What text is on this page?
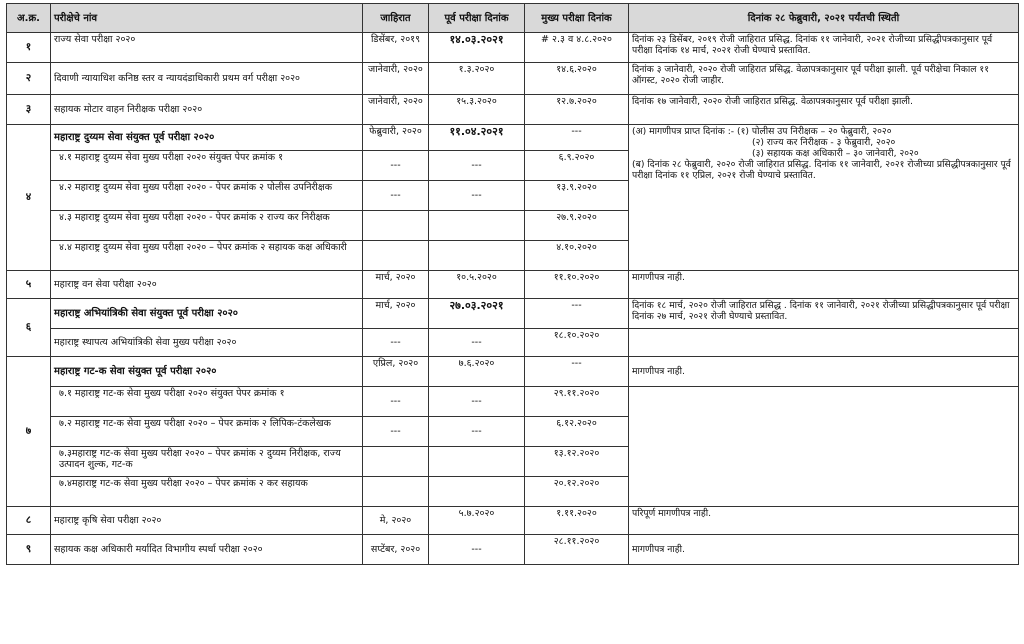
अ.क्र.	परीक्षेचे नांव	जाहिरात	पूर्व परीक्षा दिनांक	मुख्य परीक्षा दिनांक	दिनांक २८ फेब्रुवारी, २०२१ पर्यंतची स्थिती
१	राज्य सेवा परीक्षा २०२०	डिसेंबर, २०१९	१४.०३.२०२१	# २.३ व ४.८.२०२०	दिनांक २३ डिसेंबर, २०१९ रोजी जाहिरात प्रसिद्ध. दिनांक ११ जानेवारी, २०२१ रोजीच्या प्रसिद्धीपत्रकानुसार पूर्व परीक्षा दिनांक १४ मार्च, २०२१ रोजी घेण्याचे प्रस्तावित.
२	दिवाणी न्यायाधिश कनिष्ठ स्तर व न्यायदंडाधिकारी प्रथम वर्ग परीक्षा २०२०	जानेवारी, २०२०	१.३.२०२०	१४.६.२०२०	दिनांक ३ जानेवारी, २०२० रोजी जाहिरात प्रसिद्ध. वेळापत्रकानुसार पूर्व परीक्षा झाली. पूर्व परीक्षेचा निकाल ११ ऑगस्ट, २०२० रोजी जाहीर.
३	सहायक मोटार वाहन निरीक्षक परीक्षा २०२०	जानेवारी, २०२०	१५.३.२०२०	१२.७.२०२०	दिनांक १७ जानेवारी, २०२० रोजी जाहिरात प्रसिद्ध. वेळापत्रकानुसार पूर्व परीक्षा झाली.
४	महाराष्ट्र दुय्यम सेवा संयुक्त पूर्व परीक्षा २०२०	फेब्रुवारी, २०२०	११.०४.२०२१	---	(अ) मागणीपत्र प्राप्त दिनांक :- (१) पोलीस उप निरीक्षक – २० फेब्रुवारी, २०२०

(२) राज्य कर निरीक्षक - ३ फेब्रुवारी, २०२०
(३) सहायक कक्ष अधिकारी – ३० जानेवारी, २०२०
(ब) दिनांक २८ फेब्रुवारी, २०२० रोजी जाहिरात प्रसिद्ध. दिनांक ११ जानेवारी, २०२१ रोजीच्या प्रसिद्धीपत्रकानुसार पूर्व परीक्षा दिनांक ११ एप्रिल, २०२१ रोजी घेण्याचे प्रस्तावित.
	४.१ महाराष्ट्र दुय्यम सेवा मुख्य परीक्षा २०२० संयुक्त पेपर क्रमांक १	---	---	६.९.२०२०	
	४.२ महाराष्ट्र दुय्यम सेवा मुख्य परीक्षा २०२० - पेपर क्रमांक २ पोलीस उपनिरीक्षक	---	---	१३.९.२०२०	
	४.३ महाराष्ट्र दुय्यम सेवा मुख्य परीक्षा २०२० - पेपर क्रमांक २ राज्य कर निरीक्षक			२७.९.२०२०	
	४.४ महाराष्ट्र दुय्यम सेवा मुख्य परीक्षा २०२० – पेपर क्रमांक २ सहायक कक्ष अधिकारी			४.१०.२०२०	
५	महाराष्ट्र वन सेवा परीक्षा २०२०	मार्च, २०२०	१०.५.२०२०	११.१०.२०२०	मागणीपत्र नाही.
६	महाराष्ट्र अभियांत्रिकी सेवा संयुक्त पूर्व परीक्षा २०२०	मार्च, २०२०	२७.०३.२०२१	---	दिनांक १८ मार्च, २०२० रोजी जाहिरात प्रसिद्ध . दिनांक ११ जानेवारी, २०२१ रोजीच्या प्रसिद्धीपत्रकानुसार पूर्व परीक्षा दिनांक २७ मार्च, २०२१ रोजी घेण्याचे प्रस्तावित.
	महाराष्ट्र स्थापत्य अभियांत्रिकी सेवा मुख्य परीक्षा २०२०	---	---	१८.१०.२०२०	
७	महाराष्ट्र गट-क सेवा संयुक्त पूर्व परीक्षा २०२०	एप्रिल, २०२०	७.६.२०२०	---	मागणीपत्र नाही.
	७.१ महाराष्ट्र गट-क सेवा मुख्य परीक्षा २०२० संयुक्त पेपर क्रमांक १	---	---	२९.११.२०२०	
	७.२ महाराष्ट्र गट-क सेवा मुख्य परीक्षा २०२० – पेपर क्रमांक २ लिपिक-टंकलेखक	---	---	६.१२.२०२०	
	७.३महाराष्ट्र गट-क सेवा मुख्य परीक्षा २०२० – पेपर क्रमांक २ दुय्यम निरीक्षक, राज्य उत्पादन शुल्क, गट-क			१३.१२.२०२०	
	७.४महाराष्ट्र गट-क सेवा मुख्य परीक्षा २०२० – पेपर क्रमांक २ कर सहायक			२०.१२.२०२०	
८	महाराष्ट्र कृषि सेवा परीक्षा २०२०	मे, २०२०	५.७.२०२०	१.११.२०२०	परिपूर्ण मागणीपत्र नाही.
९	सहायक कक्ष अधिकारी मर्यादित विभागीय स्पर्धा परीक्षा २०२०	सप्टेंबर, २०२०	---	२८.११.२०२०	मागणीपत्र नाही.
